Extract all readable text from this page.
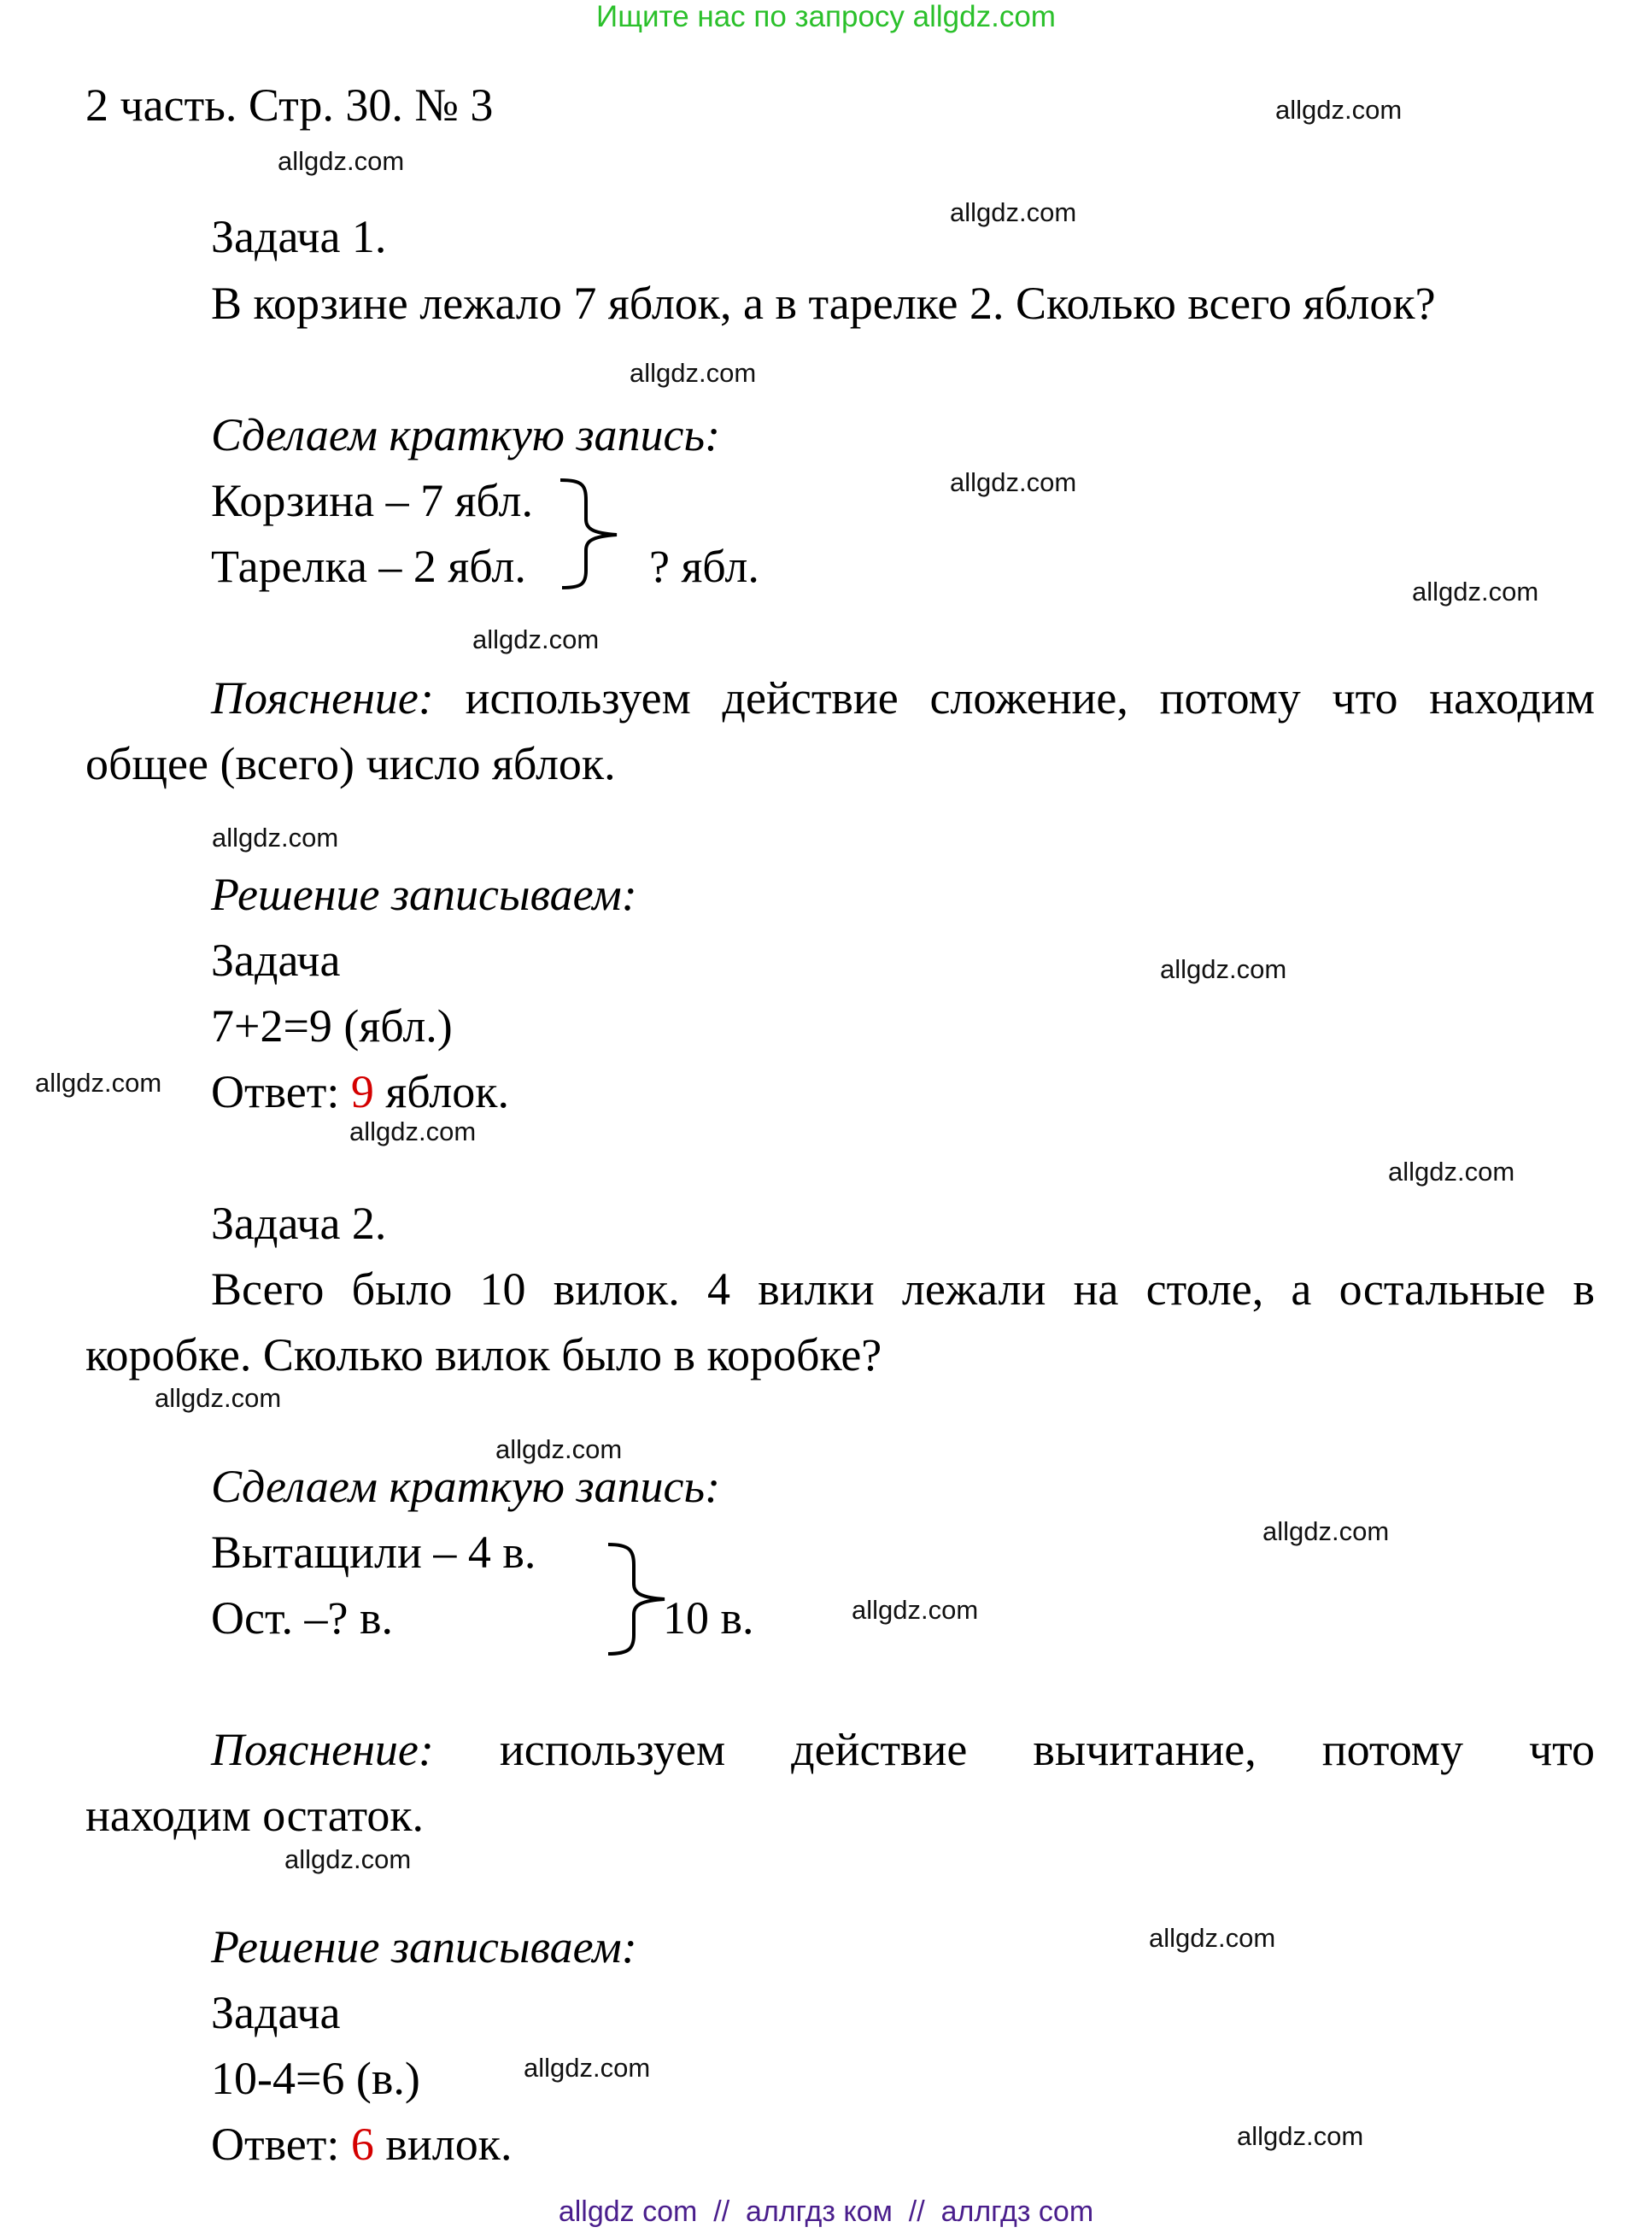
Ищите нас по запросу allgdz.com
2 часть. Стр. 30. № 3
Задача 1.
В корзине лежало 7 яблок, а в тарелке 2. Сколько всего яблок?
Сделаем краткую запись:
Корзина – 7 ябл.
Тарелка – 2 ябл.	? ябл.
Пояснение: используем действие сложение, потому что находим
общее (всего) число яблок.
Решение записываем:
Задача
7+2=9 (ябл.)
Ответ: 9 яблок.
Задача 2.
Всего было 10 вилок. 4 вилки лежали на столе, а остальные в
коробке. Сколько вилок было в коробке?
Сделаем краткую запись:
Вытащили – 4 в.
Ост. –? в.	10 в.
Пояснение: используем действие вычитание, потому что
находим остаток.
Решение записываем:
Задача
10-4=6 (в.)
Ответ: 6 вилок.
allgdz.com
allgdz.com
allgdz.com
allgdz.com
allgdz.com
allgdz.com
allgdz.com
allgdz.com
allgdz.com
allgdz.com
allgdz.com
allgdz.com
allgdz.com
allgdz.com
allgdz.com
allgdz.com
allgdz.com
allgdz.com
allgdz.com
allgdz.com
allgdz com  //  аллгдз ком  //  аллгдз com
